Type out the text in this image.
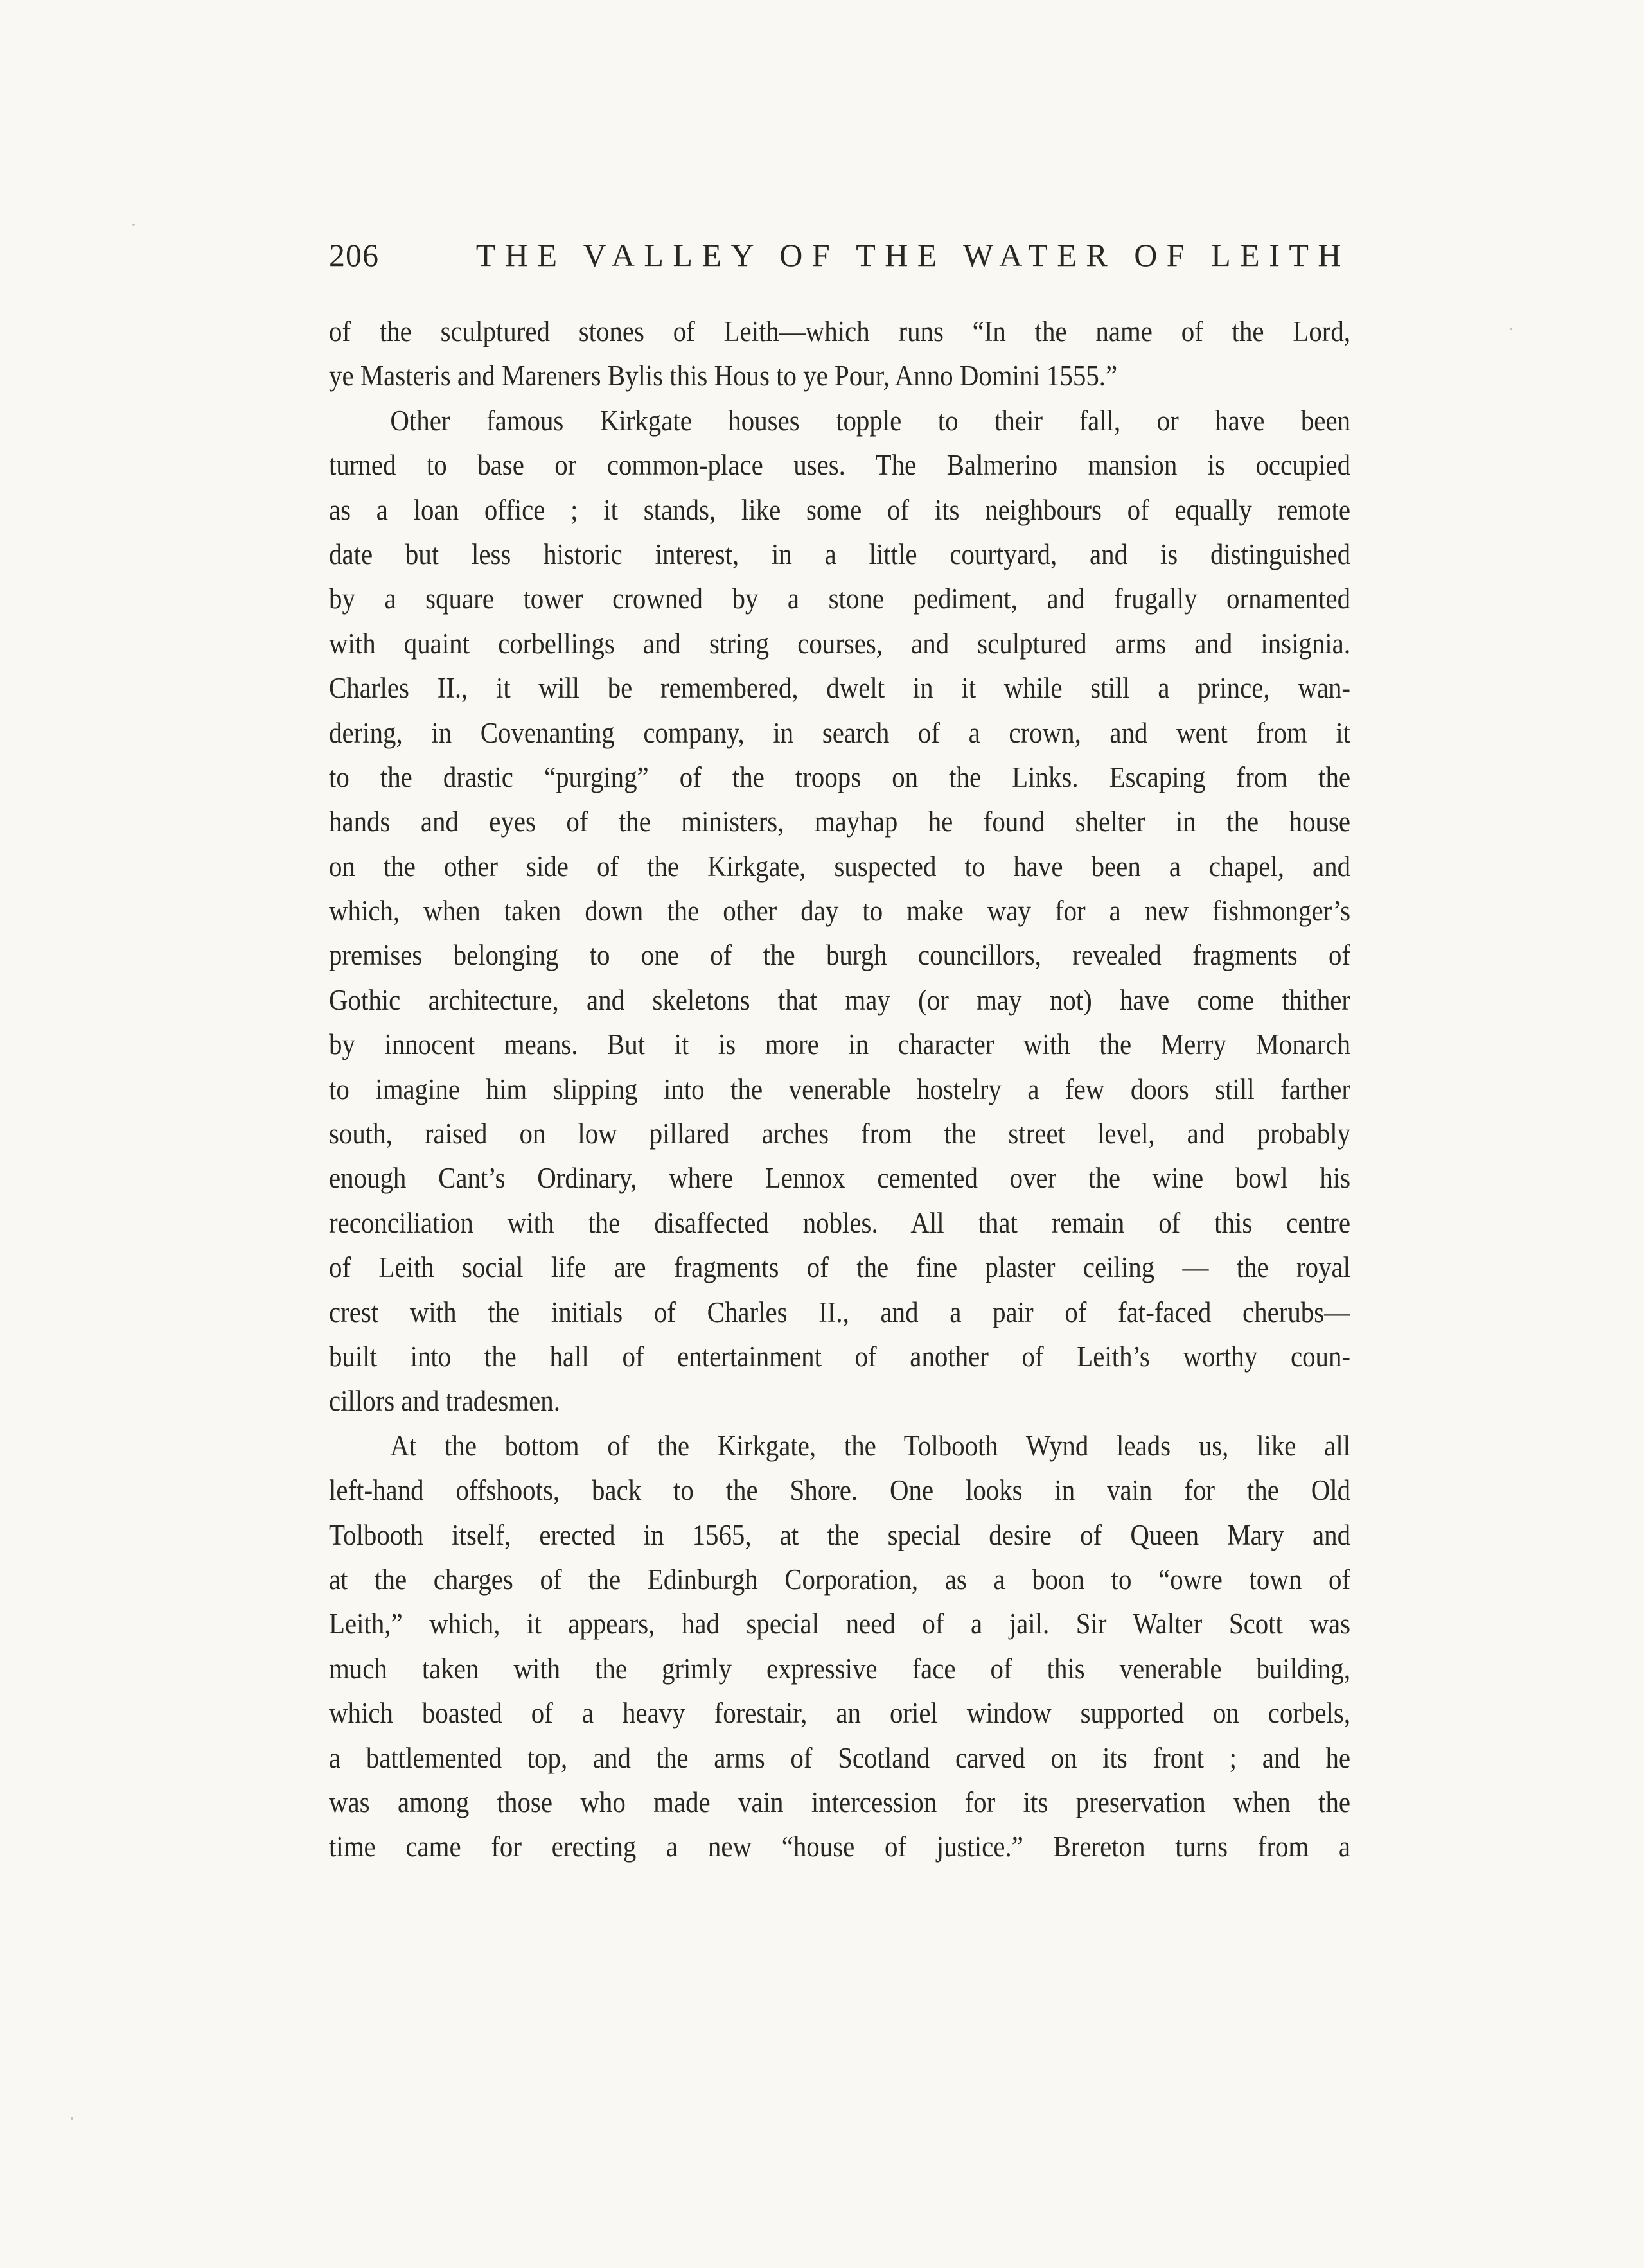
206	THE VALLEY OF THE WATER OF LEITH
of the sculptured stones of Leith—which runs “In the name of the Lord,
ye Masteris and Mareners Bylis this Hous to ye Pour, Anno Domini 1555.”
Other famous Kirkgate houses topple to their fall, or have been
turned to base or common-place uses. The Balmerino mansion is occupied
as a loan office ; it stands, like some of its neighbours of equally remote
date but less historic interest, in a little courtyard, and is distinguished
by a square tower crowned by a stone pediment, and frugally ornamented
with quaint corbellings and string courses, and sculptured arms and insignia.
Charles II., it will be remembered, dwelt in it while still a prince, wan-
dering, in Covenanting company, in search of a crown, and went from it
to the drastic “purging” of the troops on the Links. Escaping from the
hands and eyes of the ministers, mayhap he found shelter in the house
on the other side of the Kirkgate, suspected to have been a chapel, and
which, when taken down the other day to make way for a new fishmonger’s
premises belonging to one of the burgh councillors, revealed fragments of
Gothic architecture, and skeletons that may (or may not) have come thither
by innocent means. But it is more in character with the Merry Monarch
to imagine him slipping into the venerable hostelry a few doors still farther
south, raised on low pillared arches from the street level, and probably
enough Cant’s Ordinary, where Lennox cemented over the wine bowl his
reconciliation with the disaffected nobles. All that remain of this centre
of Leith social life are fragments of the fine plaster ceiling — the royal
crest with the initials of Charles II., and a pair of fat-faced cherubs—
built into the hall of entertainment of another of Leith’s worthy coun-
cillors and tradesmen.
At the bottom of the Kirkgate, the Tolbooth Wynd leads us, like all
left-hand offshoots, back to the Shore. One looks in vain for the Old
Tolbooth itself, erected in 1565, at the special desire of Queen Mary and
at the charges of the Edinburgh Corporation, as a boon to “owre town of
Leith,” which, it appears, had special need of a jail. Sir Walter Scott was
much taken with the grimly expressive face of this venerable building,
which boasted of a heavy forestair, an oriel window supported on corbels,
a battlemented top, and the arms of Scotland carved on its front ; and he
was among those who made vain intercession for its preservation when the
time came for erecting a new “house of justice.” Brereton turns from a
